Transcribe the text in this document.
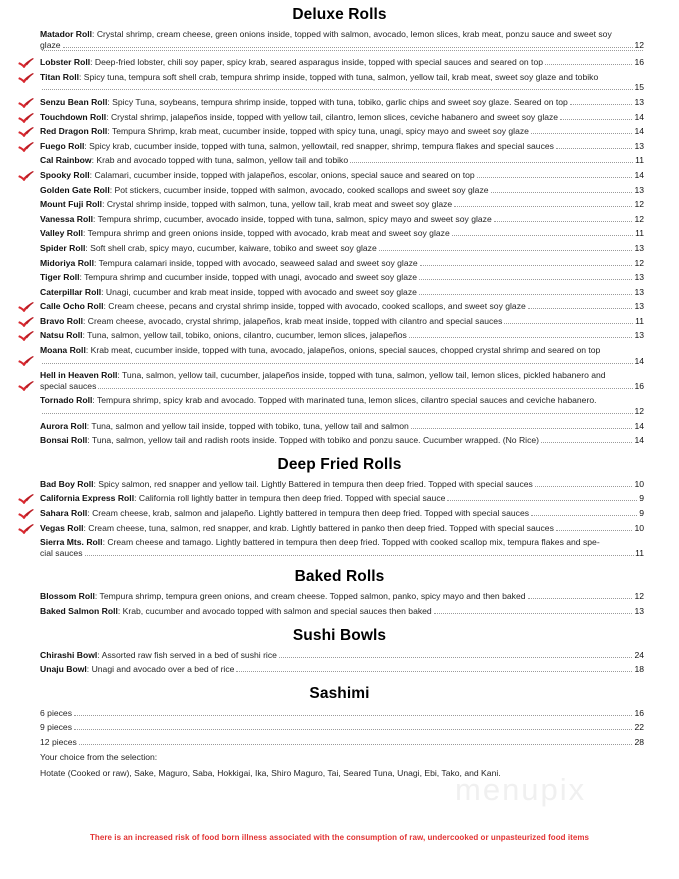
menupix
Deluxe Rolls
Matador Roll: Crystal shrimp, cream cheese, green onions inside, topped with salmon, avocado, lemon slices, krab meat, ponzu sauce and sweet soy
glaze	12
Lobster Roll: Deep-fried lobster, chili soy paper, spicy krab, seared asparagus inside, topped with special sauces and seared on top	16
Titan Roll: Spicy tuna, tempura soft shell crab, tempura shrimp inside, topped with tuna, salmon, yellow tail, krab meat, sweet soy glaze and tobiko
15
Senzu Bean Roll: Spicy Tuna, soybeans, tempura shrimp inside, topped with tuna, tobiko, garlic chips and sweet soy glaze. Seared on top	13
Touchdown Roll: Crystal shrimp, jalapeños inside, topped with yellow tail, cilantro, lemon slices, ceviche habanero and sweet soy glaze	14
Red Dragon Roll: Tempura Shrimp, krab meat, cucumber inside, topped with spicy tuna, unagi, spicy mayo and sweet soy glaze	14
Fuego Roll: Spicy krab, cucumber inside, topped with tuna, salmon, yellowtail, red snapper, shrimp, tempura flakes and special sauces	13
Cal Rainbow: Krab and avocado topped with tuna, salmon, yellow tail and tobiko	11
Spooky Roll: Calamari, cucumber inside, topped with jalapeños, escolar, onions, special sauce and seared on top	14
Golden Gate Roll: Pot stickers, cucumber inside, topped with salmon, avocado, cooked scallops and sweet soy glaze	13
Mount Fuji Roll: Crystal shrimp inside, topped with salmon, tuna, yellow tail, krab meat and sweet soy glaze	12
Vanessa Roll: Tempura shrimp, cucumber, avocado inside, topped with tuna, salmon, spicy mayo and sweet soy glaze	12
Valley Roll: Tempura shrimp and green onions inside, topped with avocado, krab meat and sweet soy glaze	11
Spider Roll: Soft shell crab, spicy mayo, cucumber, kaiware, tobiko and sweet soy glaze	13
Midoriya Roll: Tempura calamari inside, topped with avocado, seaweed salad and sweet soy glaze	12
Tiger Roll: Tempura shrimp and cucumber inside, topped with unagi, avocado and sweet soy glaze	13
Caterpillar Roll: Unagi, cucumber and krab meat inside, topped with avocado and sweet soy glaze	13
Calle Ocho Roll: Cream cheese, pecans and crystal shrimp inside, topped with avocado, cooked scallops, and sweet soy glaze	13
Bravo Roll: Cream cheese, avocado, crystal shrimp, jalapeños, krab meat inside, topped with cilantro and special sauces	11
Natsu Roll: Tuna, salmon, yellow tail, tobiko, onions, cilantro, cucumber, lemon slices, jalapeños	13
Moana Roll: Krab meat, cucumber inside, topped with tuna, avocado, jalapeños, onions, special sauces, chopped crystal shrimp and seared on top
14
Hell in Heaven Roll: Tuna, salmon, yellow tail, cucumber, jalapeños inside, topped with tuna, salmon, yellow tail, lemon slices, pickled habanero and
special sauces	16
Tornado Roll: Tempura shrimp, spicy krab and avocado. Topped with marinated tuna, lemon slices, cilantro special sauces and ceviche habanero.
12
Aurora Roll: Tuna, salmon and yellow tail inside, topped with tobiko, tuna, yellow tail and salmon	14
Bonsai Roll: Tuna, salmon, yellow tail and radish roots inside. Topped with tobiko and ponzu sauce. Cucumber wrapped. (No Rice)	14
Deep Fried Rolls
Bad Boy Roll: Spicy salmon, red snapper and yellow tail. Lightly Battered in tempura then deep fried. Topped with special sauces	10
California Express Roll: California roll lightly batter in tempura then deep fried. Topped with special sauce	9
Sahara Roll: Cream cheese, krab, salmon and jalapeño. Lightly battered in tempura then deep fried. Topped with special sauces	9
Vegas Roll: Cream cheese, tuna, salmon, red snapper, and krab. Lightly battered in panko then deep fried. Topped with special sauces	10
Sierra Mts. Roll: Cream cheese and tamago. Lightly battered in tempura then deep fried. Topped with cooked scallop mix, tempura flakes and spe-
cial sauces	11
Baked Rolls
Blossom Roll: Tempura shrimp, tempura green onions, and cream cheese. Topped salmon, panko, spicy mayo and then baked	12
Baked Salmon Roll: Krab, cucumber and avocado topped with salmon and special sauces then baked	13
Sushi Bowls
Chirashi Bowl: Assorted raw fish served in a bed of sushi rice	24
Unaju Bowl: Unagi and avocado over a bed of rice	18
Sashimi
6 pieces	16
9 pieces	22
12 pieces	28
Your choice from the selection:
Hotate (Cooked or raw), Sake, Maguro, Saba, Hokkigai, Ika, Shiro Maguro, Tai, Seared Tuna, Unagi, Ebi, Tako, and Kani.
There is an increased risk of food born illness associated with the consumption of raw, undercooked or unpasteurized food items
